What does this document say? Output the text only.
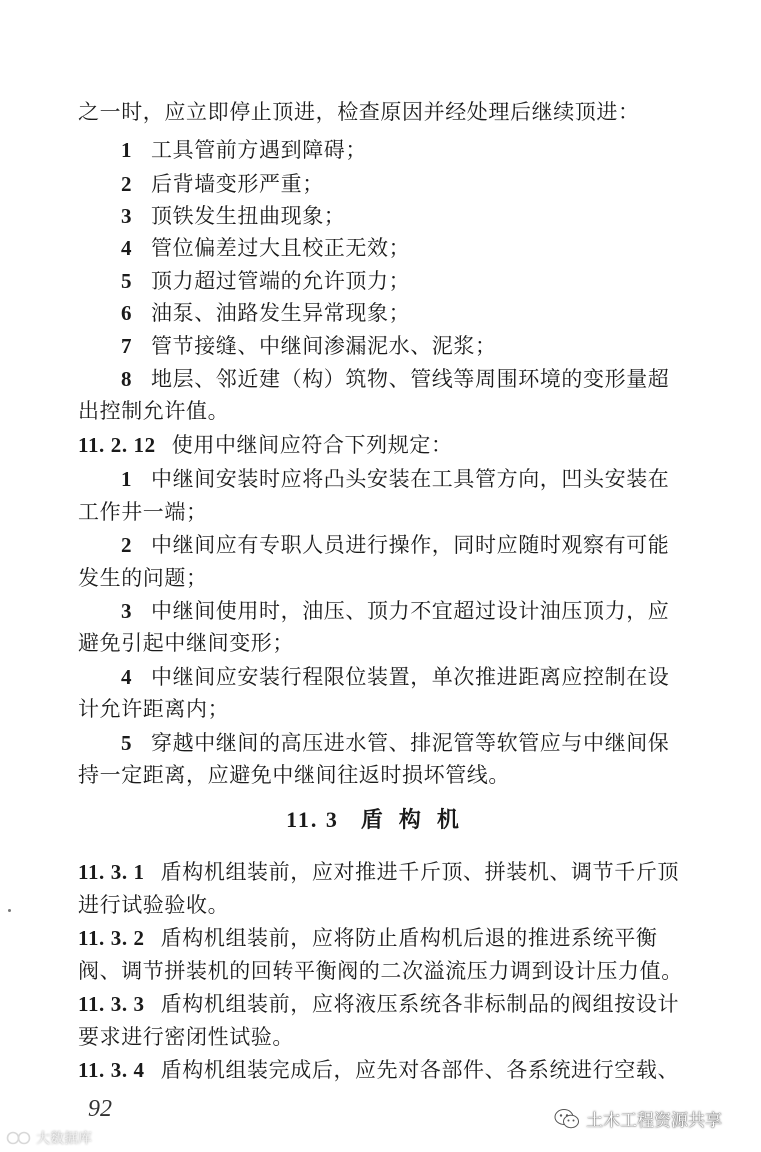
之一时，应立即停止顶进，检查原因并经处理后继续顶进：
1 工具管前方遇到障碍；
2 后背墙变形严重；
3 顶铁发生扭曲现象；
4 管位偏差过大且校正无效；
5 顶力超过管端的允许顶力；
6 油泵、油路发生异常现象；
7 管节接缝、中继间渗漏泥水、泥浆；
8 地层、邻近建（构）筑物、管线等周围环境的变形量超
出控制允许值。
11. 2. 12 使用中继间应符合下列规定：
1 中继间安装时应将凸头安装在工具管方向，凹头安装在
工作井一端；
2 中继间应有专职人员进行操作，同时应随时观察有可能
发生的问题；
3 中继间使用时，油压、顶力不宜超过设计油压顶力，应
避免引起中继间变形；
4 中继间应安装行程限位装置，单次推进距离应控制在设
计允许距离内；
5 穿越中继间的高压进水管、排泥管等软管应与中继间保
持一定距离，应避免中继间往返时损坏管线。
11. 3 盾构机
11. 3. 1 盾构机组装前，应对推进千斤顶、拼装机、调节千斤顶
进行试验验收。
11. 3. 2 盾构机组装前，应将防止盾构机后退的推进系统平衡
阀、调节拼装机的回转平衡阀的二次溢流压力调到设计压力值。
11. 3. 3 盾构机组装前，应将液压系统各非标制品的阀组按设计
要求进行密闭性试验。
11. 3. 4 盾构机组装完成后，应先对各部件、各系统进行空载、
92	土木工程资源共享
大数据库
